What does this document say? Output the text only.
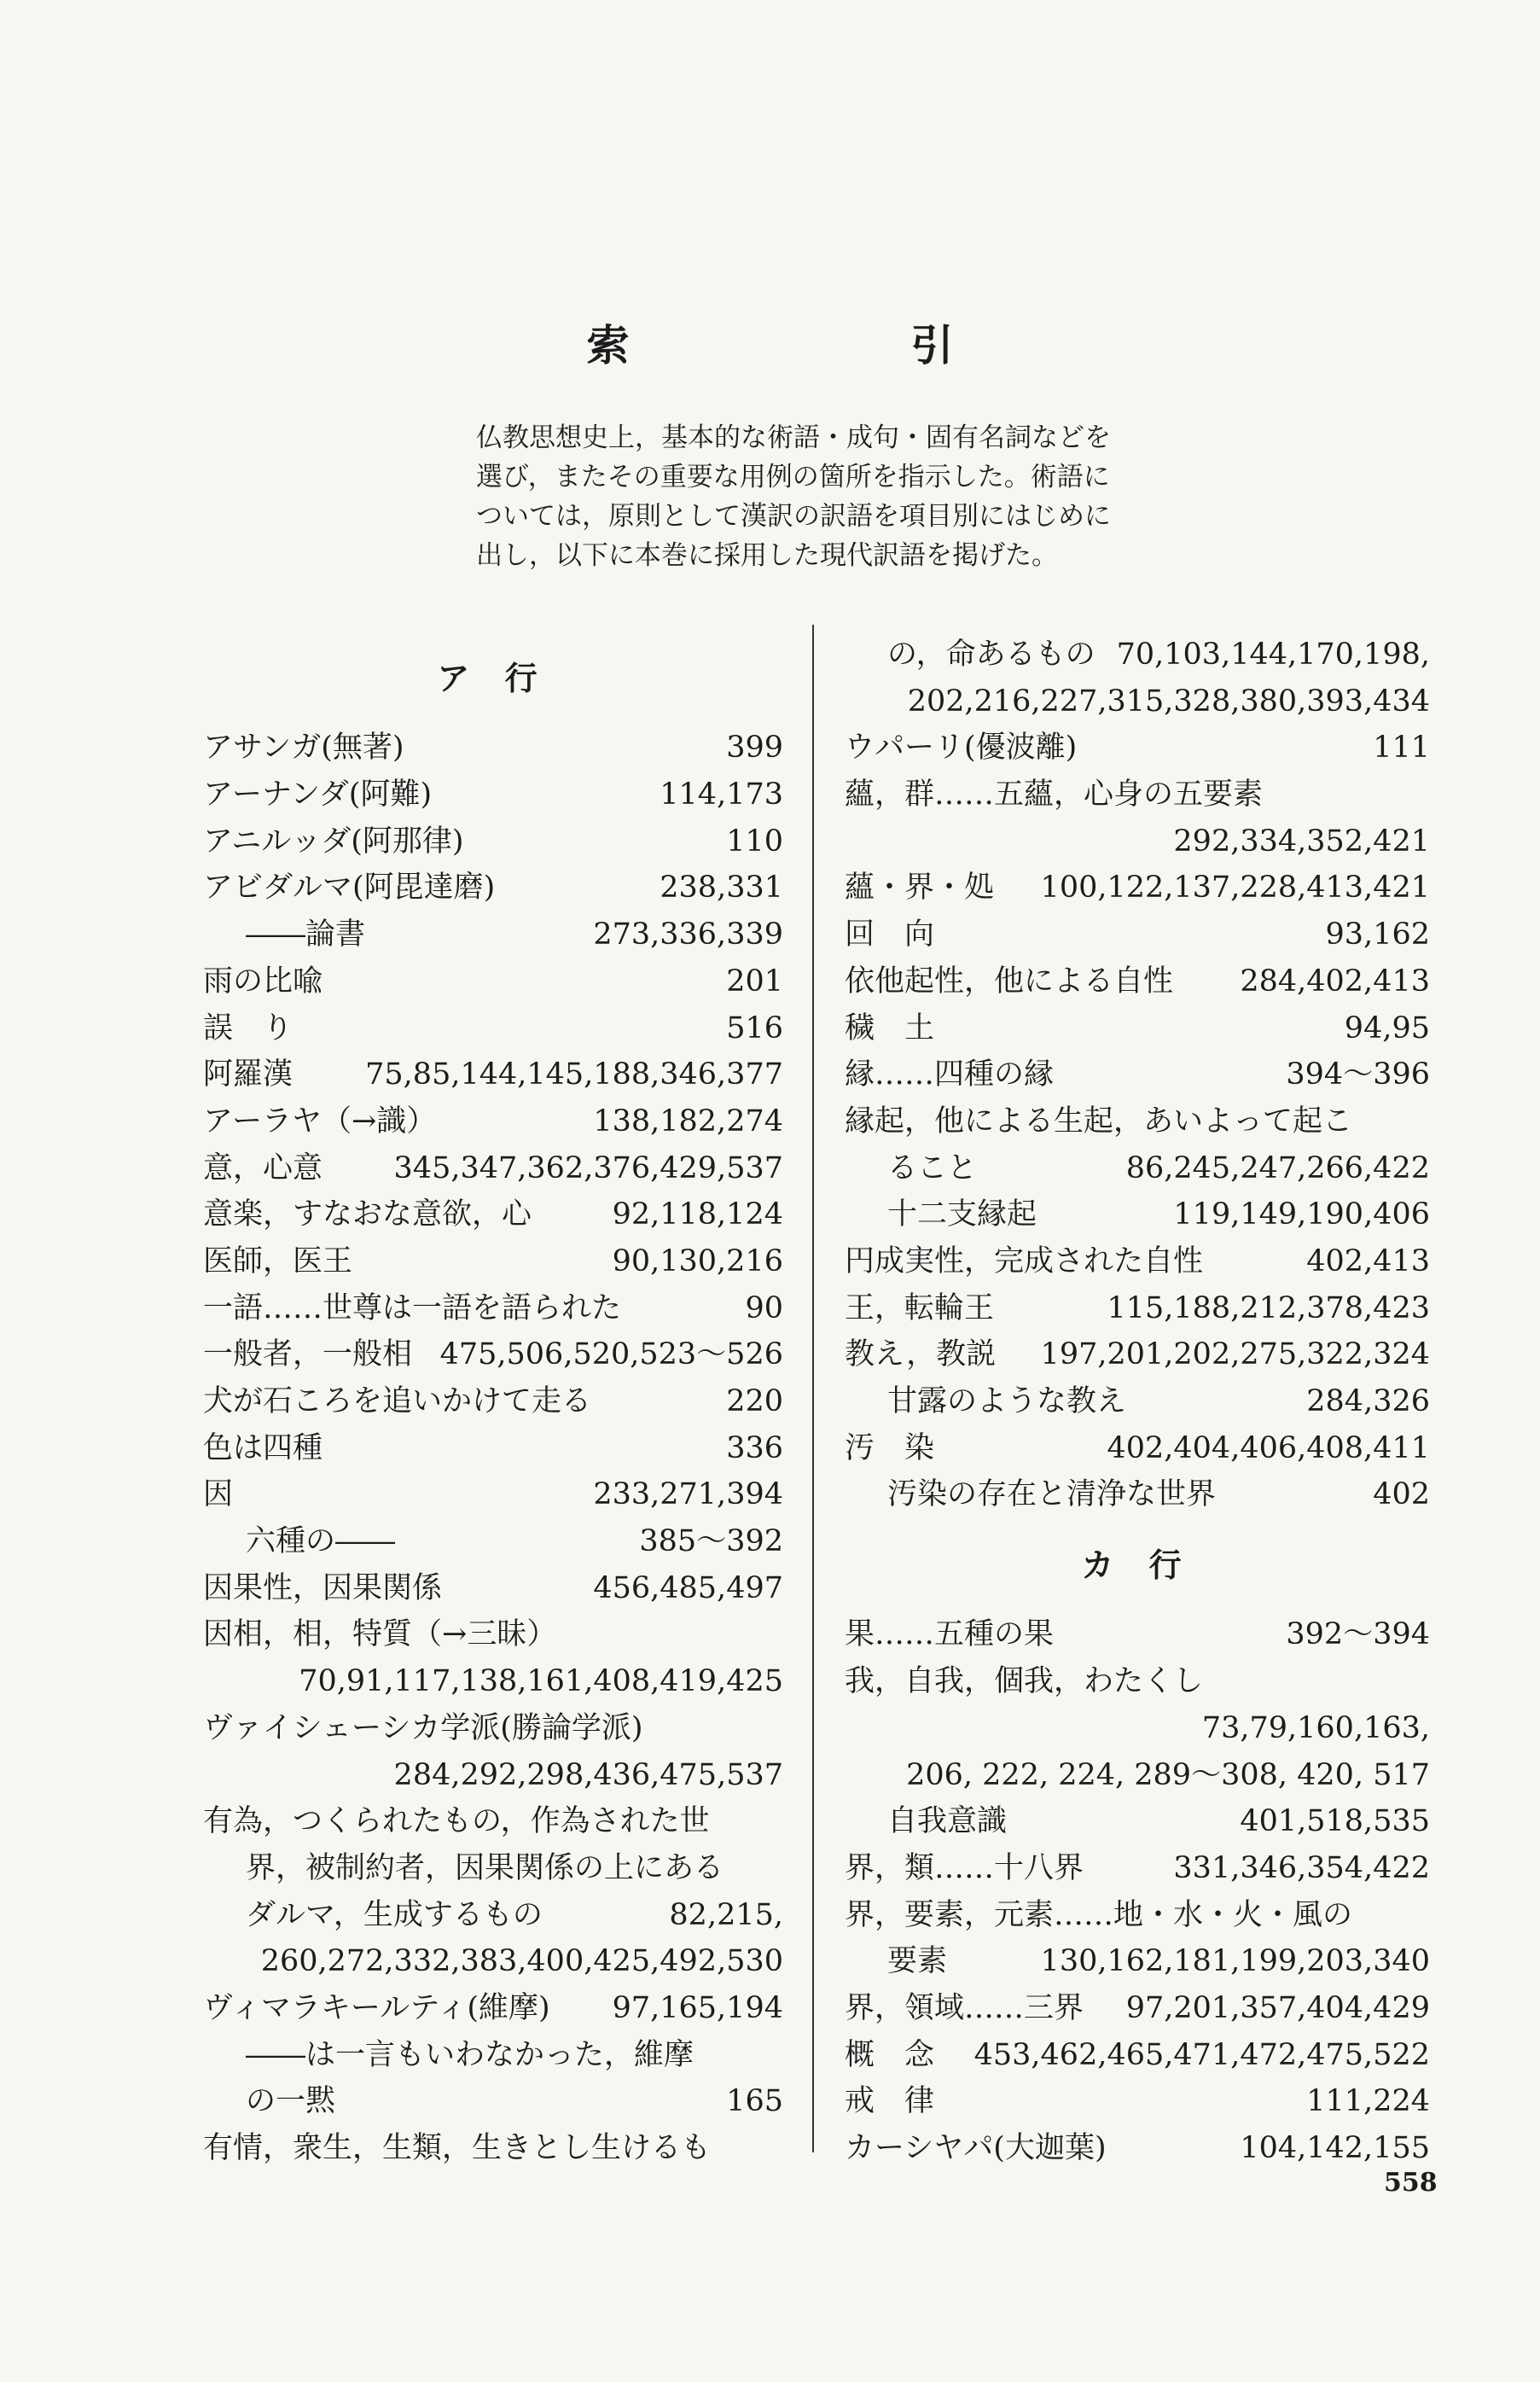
索　引
仏教思想史上，基本的な術語・成句・固有名詞などを
選び，またその重要な用例の箇所を指示した。術語に
ついては，原則として漢訳の訳語を項目別にはじめに
出し，以下に本巻に採用した現代訳語を掲げた。
ア 行
アサンガ(無著)	399
アーナンダ(阿難)	114,173
アニルッダ(阿那律)	110
アビダルマ(阿毘達磨)	238,331
――論書	273,336,339
雨の比喩	201
誤　り	516
阿羅漢 75,85,144,145,188,346,377
アーラヤ（→識）	138,182,274
意，心意 345,347,362,376,429,537
意楽，すなおな意欲，心	92,118,124
医師，医王	90,130,216
一語……世尊は一語を語られた	90
一般者，一般相 475,506,520,523～526
犬が石ころを追いかけて走る	220
色は四種	336
因	233,271,394
六種の――	385～392
因果性，因果関係	456,485,497
因相，相，特質（→三昧）
70,91,117,138,161,408,419,425
ヴァイシェーシカ学派(勝論学派)
284,292,298,436,475,537
有為，つくられたもの，作為された世
界，被制約者，因果関係の上にある
ダルマ，生成するもの	82,215,
260,272,332,383,400,425,492,530
ヴィマラキールティ(維摩) 97,165,194
――は一言もいわなかった，維摩
の一黙	165
有情，衆生，生類，生きとし生けるも
の，命あるもの 70,103,144,170,198,
202,216,227,315,328,380,393,434
ウパーリ(優波離)	111
蘊，群……五蘊，心身の五要素
292,334,352,421
蘊・界・処 100,122,137,228,413,421
回　向	93,162
依他起性，他による自性 284,402,413
穢　土	94,95
縁……四種の縁	394～396
縁起，他による生起，あいよって起こ
ること	86,245,247,266,422
十二支縁起	119,149,190,406
円成実性，完成された自性	402,413
王，転輪王	115,188,212,378,423
教え，教説 197,201,202,275,322,324
甘露のような教え	284,326
汚　染	402,404,406,408,411
汚染の存在と清浄な世界	402
カ 行
果……五種の果	392～394
我，自我，個我，わたくし
73,79,160,163,
206, 222, 224, 289～308, 420, 517
自我意識	401,518,535
界，類……十八界	331,346,354,422
界，要素，元素……地・水・火・風の
要素	130,162,181,199,203,340
界，領域……三界 97,201,357,404,429
概　念 453,462,465,471,472,475,522
戒　律	111,224
カーシヤパ(大迦葉)	104,142,155
558
